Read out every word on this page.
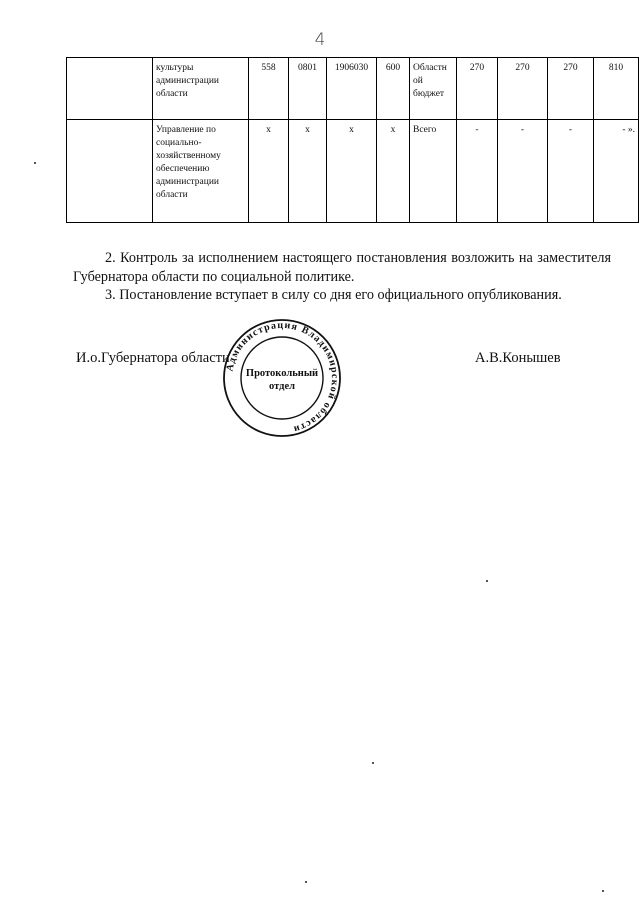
4
	культуры администрации области	558	0801	1906030	600	Областн ой бюджет	270	270	270	810
	Управление по социально-хозяйственному обеспечению администрации области	x	x	x	x	Всего	-	-	-	- ».
2. Контроль за исполнением настоящего постановления возложить на заместителя Губернатора области по социальной политике.
3. Постановление вступает в силу со дня его официального опубликования.
И.о.Губернатора области	А.В.Конышев
Администрация Владимирской области
Протокольный
отдел
